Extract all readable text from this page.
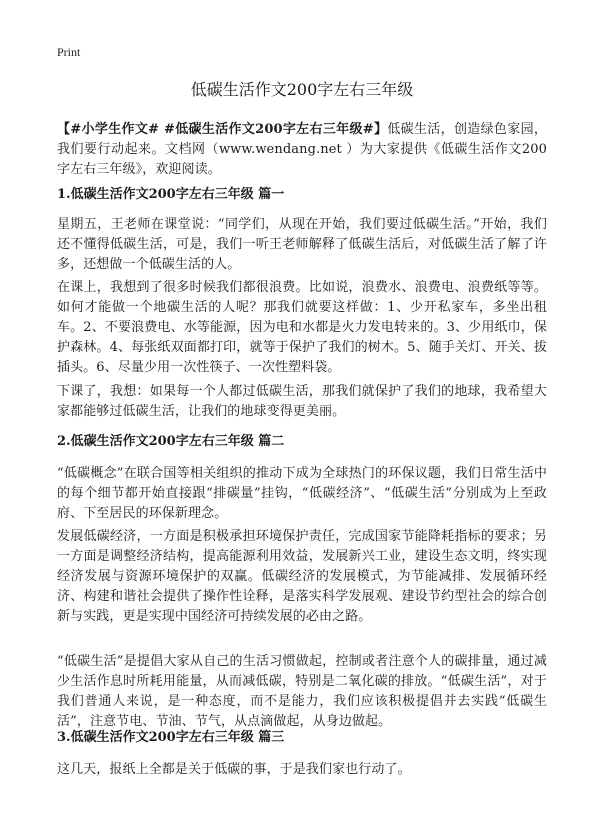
Print
低碳生活作文200字左右三年级

【#小学生作文# #低碳生活作文200字左右三年级#】低碳生活，创造绿色家园，我们要行动起来。文档网（www.wendang.net ）为大家提供《低碳生活作文200字左右三年级》，欢迎阅读。

1.低碳生活作文200字左右三年级 篇一

星期五，王老师在课堂说：“同学们，从现在开始，我们要过低碳生活。”开始，我们还不懂得低碳生活，可是，我们一听王老师解释了低碳生活后，对低碳生活了解了许多，还想做一个低碳生活的人。

在课上，我想到了很多时候我们都很浪费。比如说，浪费水、浪费电、浪费纸等等。如何才能做一个地碳生活的人呢？那我们就要这样做：1、少开私家车，多坐出租车。2、不要浪费电、水等能源，因为电和水都是火力发电转来的。3、少用纸巾，保护森林。4、每张纸双面都打印，就等于保护了我们的树木。5、随手关灯、开关、拔插头。6、尽量少用一次性筷子、一次性塑料袋。

下课了，我想：如果每一个人都过低碳生活，那我们就保护了我们的地球，我希望大家都能够过低碳生活，让我们的地球变得更美丽。

2.低碳生活作文200字左右三年级 篇二

“低碳概念”在联合国等相关组织的推动下成为全球热门的环保议题，我们日常生活中的每个细节都开始直接跟“排碳量”挂钩，“低碳经济”、“低碳生活”分别成为上至政府、下至居民的环保新理念。

发展低碳经济，一方面是积极承担环境保护责任，完成国家节能降耗指标的要求；另一方面是调整经济结构，提高能源利用效益，发展新兴工业，建设生态文明，终实现经济发展与资源环境保护的双赢。低碳经济的发展模式，为节能减排、发展循环经济、构建和谐社会提供了操作性诠释，是落实科学发展观、建设节约型社会的综合创新与实践，更是实现中国经济可持续发展的必由之路。

“低碳生活”是提倡大家从自己的生活习惯做起，控制或者注意个人的碳排量，通过减少生活作息时所耗用能量，从而减低碳，特别是二氧化碳的排放。“低碳生活”，对于我们普通人来说，是一种态度，而不是能力，我们应该积极提倡并去实践“低碳生活”，注意节电、节油、节气，从点滴做起，从身边做起。

3.低碳生活作文200字左右三年级 篇三

这几天，报纸上全都是关于低碳的事，于是我们家也行动了。
